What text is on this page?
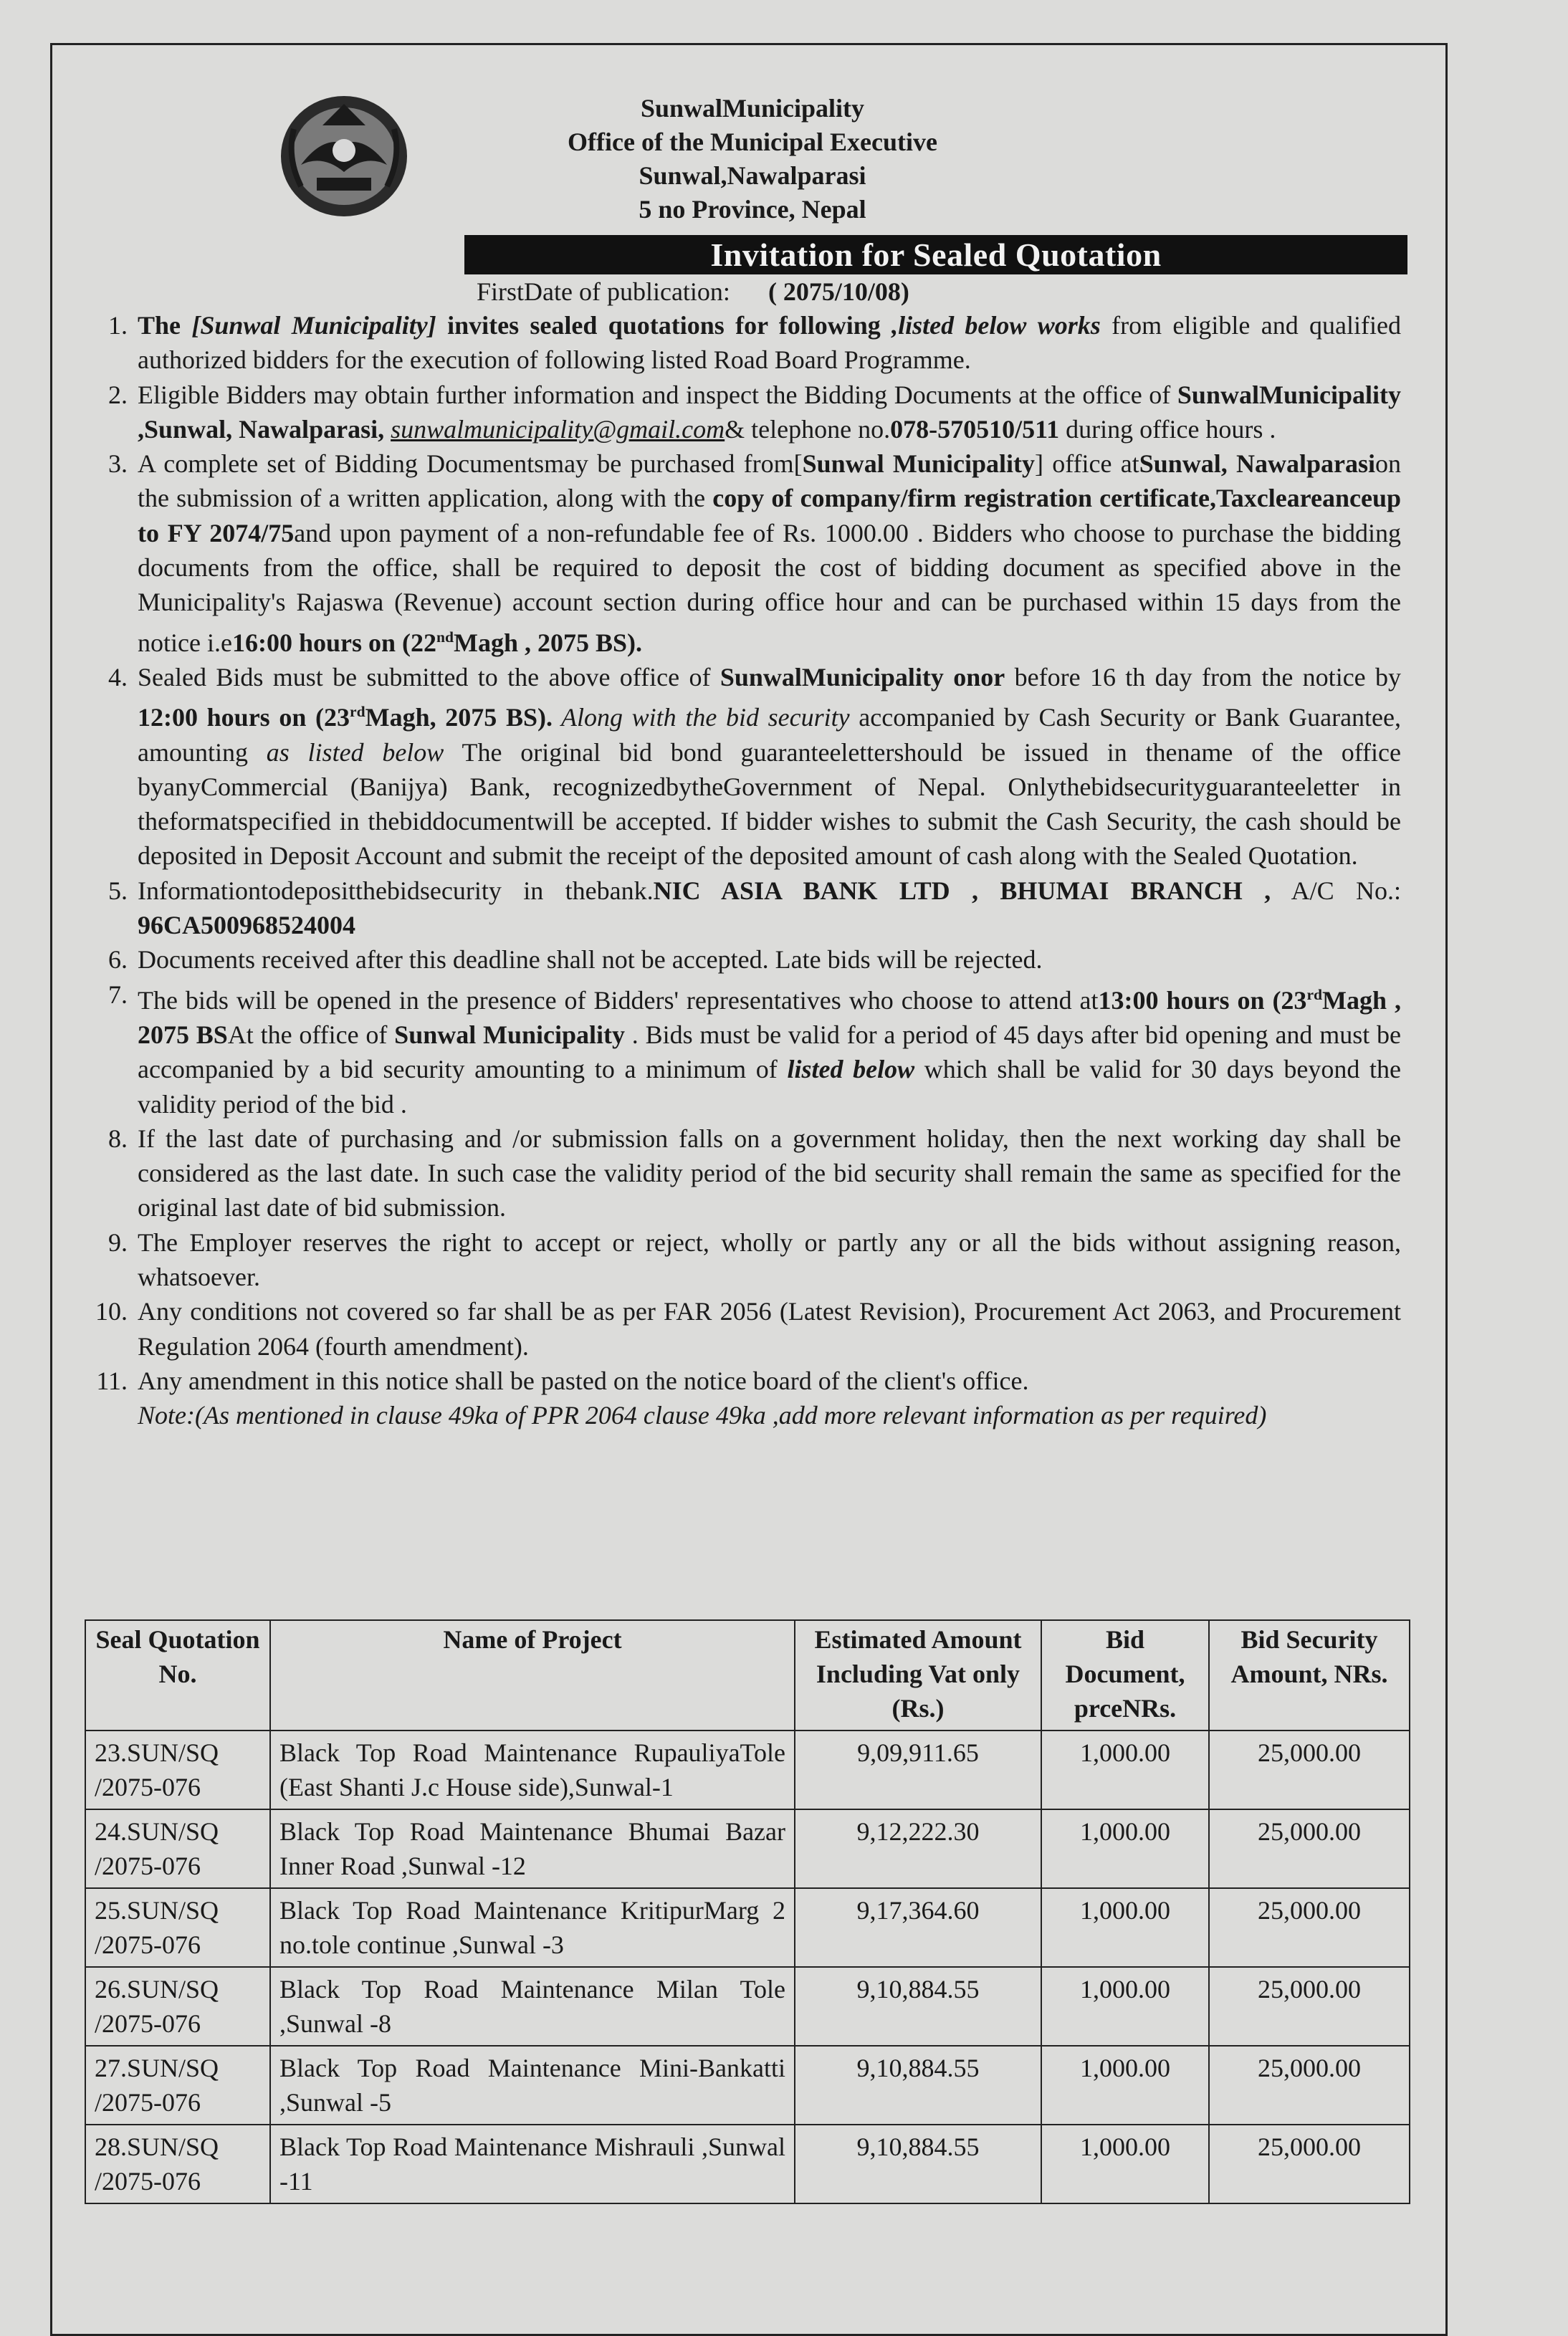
SunwalMunicipality
Office of the Municipal Executive
Sunwal,Nawalparasi
5 no Province, Nepal
Invitation for Sealed Quotation
FirstDate of publication: ( 2075/10/08)
1. The [Sunwal Municipality] invites sealed quotations for following ,listed below works from eligible and qualified authorized bidders for the execution of following listed Road Board Programme.
2. Eligible Bidders may obtain further information and inspect the Bidding Documents at the office of SunwalMunicipality ,Sunwal, Nawalparasi, sunwalmunicipality@gmail.com& telephone no.078-570510/511 during office hours .
3. A complete set of Bidding Documentsmay be purchased from[Sunwal Municipality] office atSunwal, Nawalparasion the submission of a written application, along with the copy of company/firm registration certificate,Taxcleareanceup to FY 2074/75and upon payment of a non-refundable fee of Rs. 1000.00 . Bidders who choose to purchase the bidding documents from the office, shall be required to deposit the cost of bidding document as specified above in the Municipality's Rajaswa (Revenue) account section during office hour and can be purchased within 15 days from the notice i.e16:00 hours on (22ndMagh , 2075 BS).
4. Sealed Bids must be submitted to the above office of SunwalMunicipality onor before 16 th day from the notice by 12:00 hours on (23rdMagh, 2075 BS). Along with the bid security accompanied by Cash Security or Bank Guarantee, amounting as listed below The original bid bond guaranteelettershould be issued in thename of the office byanyCommercial (Banijya) Bank, recognizedbytheGovernment of Nepal. Onlythebidsecurityguaranteeletter in theformatspecified in thebiddocumentwill be accepted. If bidder wishes to submit the Cash Security, the cash should be deposited in Deposit Account and submit the receipt of the deposited amount of cash along with the Sealed Quotation.
5. Informationtodepositthebidsecurity in thebank.NIC ASIA BANK LTD , BHUMAI BRANCH , A/C No.: 96CA500968524004
6. Documents received after this deadline shall not be accepted. Late bids will be rejected.
7. The bids will be opened in the presence of Bidders' representatives who choose to attend at13:00 hours on (23rdMagh , 2075 BSAt the office of Sunwal Municipality . Bids must be valid for a period of 45 days after bid opening and must be accompanied by a bid security amounting to a minimum of listed below which shall be valid for 30 days beyond the validity period of the bid .
8. If the last date of purchasing and /or submission falls on a government holiday, then the next working day shall be considered as the last date. In such case the validity period of the bid security shall remain the same as specified for the original last date of bid submission.
9. The Employer reserves the right to accept or reject, wholly or partly any or all the bids without assigning reason, whatsoever.
10. Any conditions not covered so far shall be as per FAR 2056 (Latest Revision), Procurement Act 2063, and Procurement Regulation 2064 (fourth amendment).
11. Any amendment in this notice shall be pasted on the notice board of the client's office.
Note:(As mentioned in clause 49ka of PPR 2064 clause 49ka ,add more relevant information as per required)
Seal Quotation No.	Name of Project	Estimated Amount Including Vat only (Rs.)	Bid Document, prceNRs.	Bid Security Amount, NRs.
23.SUN/SQ /2075-076	Black Top Road Maintenance RupauliyaTole (East Shanti J.c House side),Sunwal-1	9,09,911.65	1,000.00	25,000.00
24.SUN/SQ /2075-076	Black Top Road Maintenance Bhumai Bazar Inner Road ,Sunwal -12	9,12,222.30	1,000.00	25,000.00
25.SUN/SQ /2075-076	Black Top Road Maintenance KritipurMarg 2 no.tole continue ,Sunwal -3	9,17,364.60	1,000.00	25,000.00
26.SUN/SQ /2075-076	Black Top Road Maintenance Milan Tole ,Sunwal -8	9,10,884.55	1,000.00	25,000.00
27.SUN/SQ /2075-076	Black Top Road Maintenance Mini-Bankatti ,Sunwal -5	9,10,884.55	1,000.00	25,000.00
28.SUN/SQ /2075-076	Black Top Road Maintenance Mishrauli ,Sunwal -11	9,10,884.55	1,000.00	25,000.00
